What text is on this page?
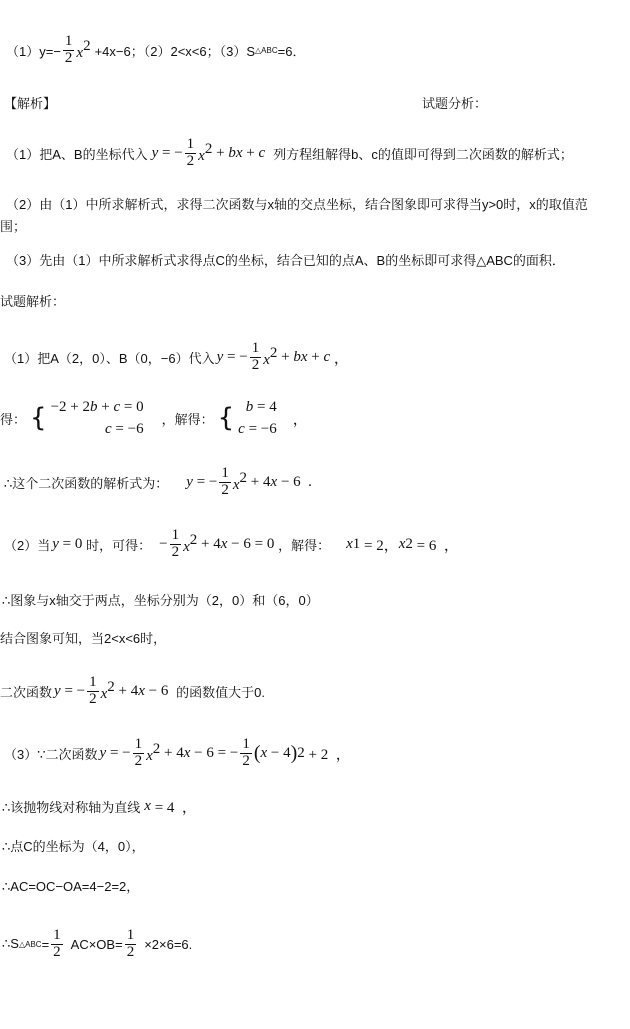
$(1)y=- \frac{1}{2} x^2 +4x-6$；（2）2<x<6；（3）S △ABC =6．
【解析】	试题分析：
（1）把A、B的坐标代入 y = − $\frac{1}{2} x^2$ + bx + c 列方程组解得b、c的值即可得到二次函数的解析式；
（2）由（1）中所求解析式，求得二次函数与x轴的交点坐标，结合图象即可求得当y>0时，x的取值范
围；
（3）先由（1）中所求解析式求得点C的坐标，结合已知的点A、B的坐标即可求得△ABC的面积．
试题解析：
（1）把A（2，0）、B（0，−6）代入 y = − $\frac{1}{2} x^2$ + bx + c ，
得： { −2 + 2b + c = 0
c = −6
，解得： { b = 4
c = −6
，
∴这个二次函数的解析式为： y = − $\frac{1}{2} x^2 + 4$ x − 6  .
（2）当 y = 0 时，可得： − $\frac{1}{2} x^2 + 4$ x − 6 = 0 ，解得： x 1 = 2， x 2 = 6  ，
∴图象与x轴交于两点，坐标分别为（2，0）和（6，0）
结合图象可知，当2<x<6时，
二次函数 y = − $\frac{1}{2} x^2 + 4$ x − 6 的函数值大于0.
（3）∵二次函数 y = − $\frac{1}{2} x^2 + 4$ x − 6 = − $\frac{1}{2}$ ( x − 4 ) 2 + 2  ，
∴该抛物线对称轴为直线 x = 4  ，
∴点C的坐标为（4，0），
∴AC=OC−OA=4−2=2，
∴S △ABC = $\frac{1}{2} AC\times OB= \frac{1}{2} \times 2\times 6=6$.
